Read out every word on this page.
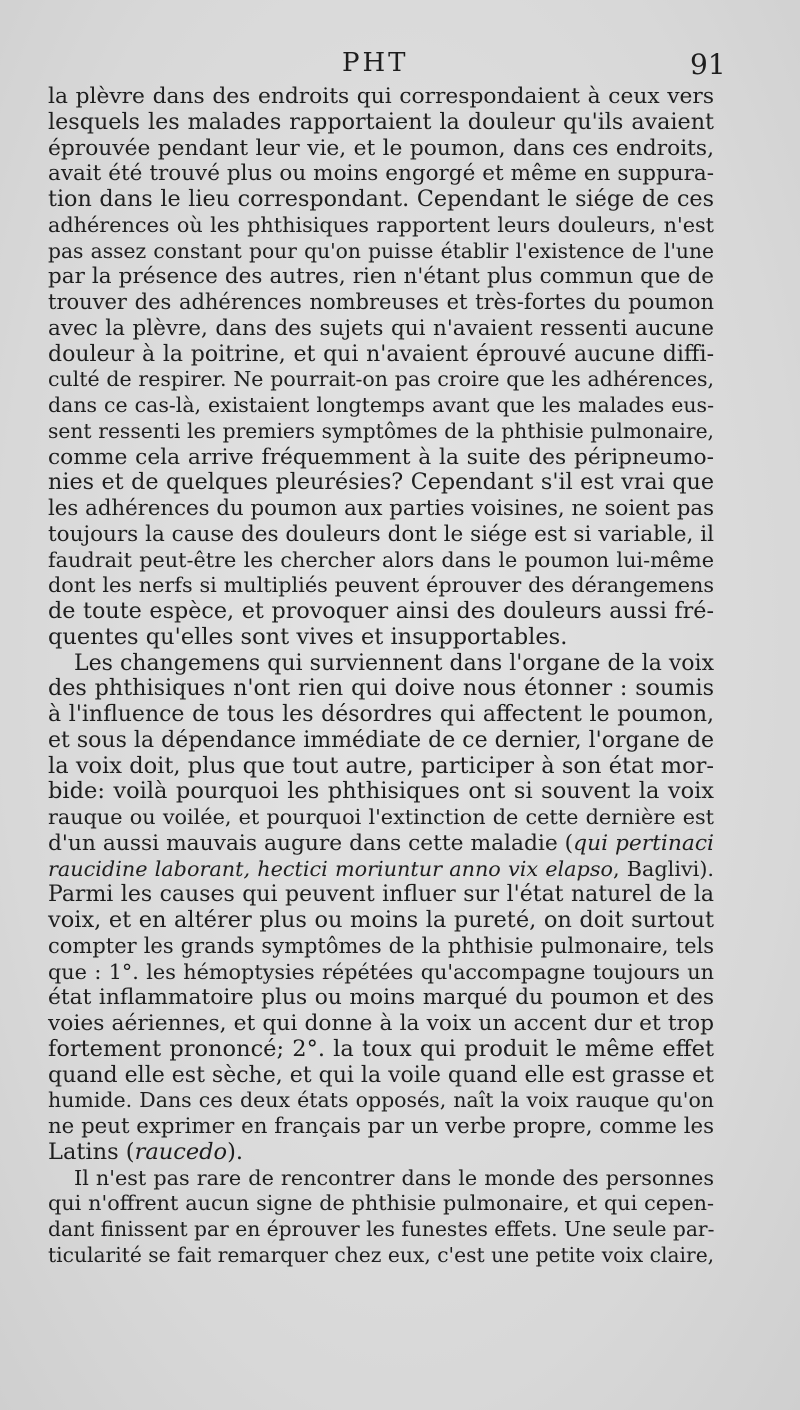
PHT	91
la plèvre dans des endroits qui correspondaient à ceux vers
lesquels les malades rapportaient la douleur qu'ils avaient
éprouvée pendant leur vie, et le poumon, dans ces endroits,
avait été trouvé plus ou moins engorgé et même en suppura-
tion dans le lieu correspondant. Cependant le siége de ces
adhérences où les phthisiques rapportent leurs douleurs, n'est
pas assez constant pour qu'on puisse établir l'existence de l'une
par la présence des autres, rien n'étant plus commun que de
trouver des adhérences nombreuses et très-fortes du poumon
avec la plèvre, dans des sujets qui n'avaient ressenti aucune
douleur à la poitrine, et qui n'avaient éprouvé aucune diffi-
culté de respirer. Ne pourrait-on pas croire que les adhérences,
dans ce cas-là, existaient longtemps avant que les malades eus-
sent ressenti les premiers symptômes de la phthisie pulmonaire,
comme cela arrive fréquemment à la suite des péripneumo-
nies et de quelques pleurésies? Cependant s'il est vrai que
les adhérences du poumon aux parties voisines, ne soient pas
toujours la cause des douleurs dont le siége est si variable, il
faudrait peut-être les chercher alors dans le poumon lui-même
dont les nerfs si multipliés peuvent éprouver des dérangemens
de toute espèce, et provoquer ainsi des douleurs aussi fré-
quentes qu'elles sont vives et insupportables.
Les changemens qui surviennent dans l'organe de la voix
des phthisiques n'ont rien qui doive nous étonner : soumis
à l'influence de tous les désordres qui affectent le poumon,
et sous la dépendance immédiate de ce dernier, l'organe de
la voix doit, plus que tout autre, participer à son état mor-
bide: voilà pourquoi les phthisiques ont si souvent la voix
rauque ou voilée, et pourquoi l'extinction de cette dernière est
d'un aussi mauvais augure dans cette maladie (qui pertinaci
raucidine laborant, hectici moriuntur anno vix elapso, Baglivi).
Parmi les causes qui peuvent influer sur l'état naturel de la
voix, et en altérer plus ou moins la pureté, on doit surtout
compter les grands symptômes de la phthisie pulmonaire, tels
que : 1°. les hémoptysies répétées qu'accompagne toujours un
état inflammatoire plus ou moins marqué du poumon et des
voies aériennes, et qui donne à la voix un accent dur et trop
fortement prononcé; 2°. la toux qui produit le même effet
quand elle est sèche, et qui la voile quand elle est grasse et
humide. Dans ces deux états opposés, naît la voix rauque qu'on
ne peut exprimer en français par un verbe propre, comme les
Latins (raucedo).
Il n'est pas rare de rencontrer dans le monde des personnes
qui n'offrent aucun signe de phthisie pulmonaire, et qui cepen-
dant finissent par en éprouver les funestes effets. Une seule par-
ticularité se fait remarquer chez eux, c'est une petite voix claire,
